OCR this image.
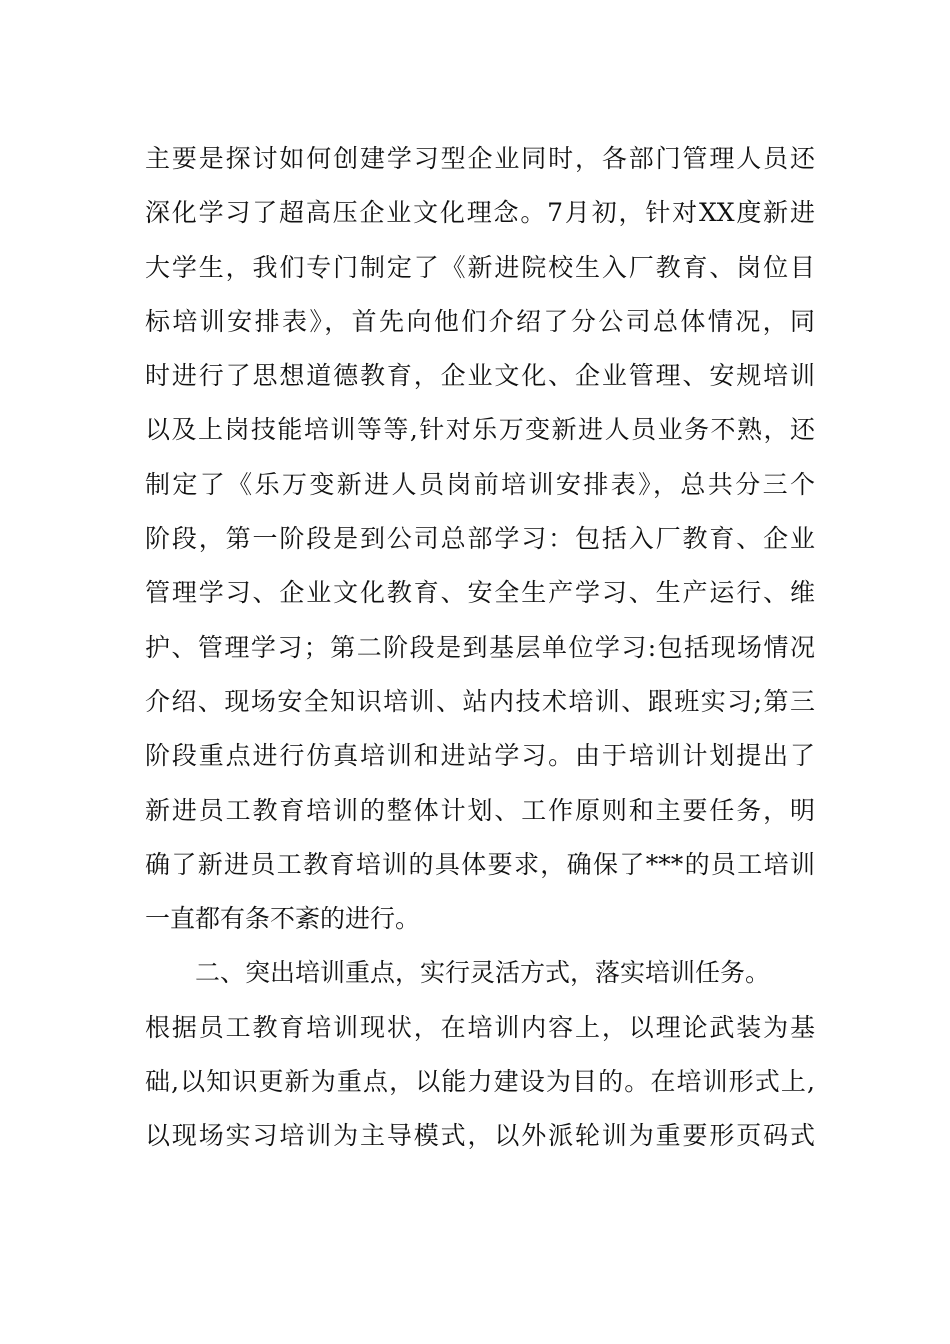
主要是探讨如何创建学习型企业同时，各部门管理人员还
深化学习了超高压企业文化理念。7月初，针对XX度新进
大学生，我们专门制定了《新进院校生入厂教育、岗位目
标培训安排表》，首先向他们介绍了分公司总体情况，同
时进行了思想道德教育，企业文化、企业管理、安规培训
以及上岗技能培训等等,针对乐万变新进人员业务不熟，还
制定了《乐万变新进人员岗前培训安排表》，总共分三个
阶段，第一阶段是到公司总部学习：包括入厂教育、企业
管理学习、企业文化教育、安全生产学习、生产运行、维
护、管理学习；第二阶段是到基层单位学习:包括现场情况
介绍、现场安全知识培训、站内技术培训、跟班实习;第三
阶段重点进行仿真培训和进站学习。由于培训计划提出了
新进员工教育培训的整体计划、工作原则和主要任务，明
确了新进员工教育培训的具体要求，确保了***的员工培训
一直都有条不紊的进行。
二、突出培训重点，实行灵活方式，落实培训任务。
根据员工教育培训现状，在培训内容上，以理论武装为基
础,以知识更新为重点，以能力建设为目的。在培训形式上,
以现场实习培训为主导模式，以外派轮训为重要形页码式
